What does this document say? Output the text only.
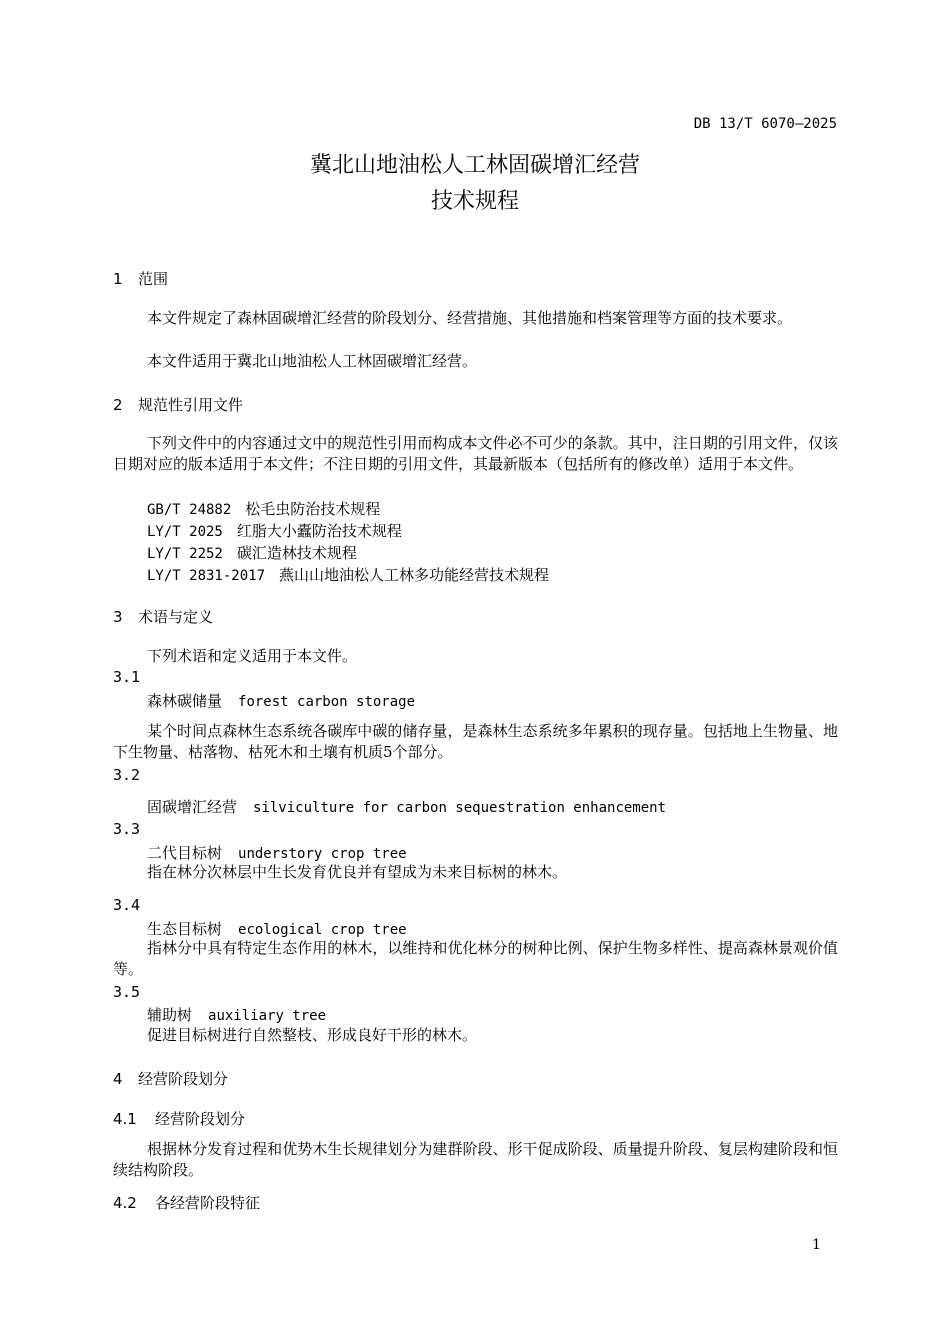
DB 13/T 6070—2025
冀北山地油松人工林固碳增汇经营
技术规程
1 范围
本文件规定了森林固碳增汇经营的阶段划分、经营措施、其他措施和档案管理等方面的技术要求。
本文件适用于冀北山地油松人工林固碳增汇经营。
2 规范性引用文件
下列文件中的内容通过文中的规范性引用而构成本文件必不可少的条款。其中，注日期的引用文件，仅该日期对应的版本适用于本文件；不注日期的引用文件，其最新版本（包括所有的修改单）适用于本文件。
GB/T 24882 松毛虫防治技术规程
LY/T 2025 红脂大小蠹防治技术规程
LY/T 2252 碳汇造林技术规程
LY/T 2831-2017 燕山山地油松人工林多功能经营技术规程
3 术语与定义
下列术语和定义适用于本文件。
3.1
森林碳储量 forest carbon storage
某个时间点森林生态系统各碳库中碳的储存量，是森林生态系统多年累积的现存量。包括地上生物量、地下生物量、枯落物、枯死木和土壤有机质5个部分。
3.2
固碳增汇经营 silviculture for carbon sequestration enhancement
3.3
二代目标树 understory crop tree
指在林分次林层中生长发育优良并有望成为未来目标树的林木。
3.4
生态目标树 ecological crop tree
指林分中具有特定生态作用的林木，以维持和优化林分的树种比例、保护生物多样性、提高森林景观价值等。
3.5
辅助树 auxiliary tree
促进目标树进行自然整枝、形成良好干形的林木。
4 经营阶段划分
4.1 经营阶段划分
根据林分发育过程和优势木生长规律划分为建群阶段、形干促成阶段、质量提升阶段、复层构建阶段和恒续结构阶段。
4.2 各经营阶段特征
1
